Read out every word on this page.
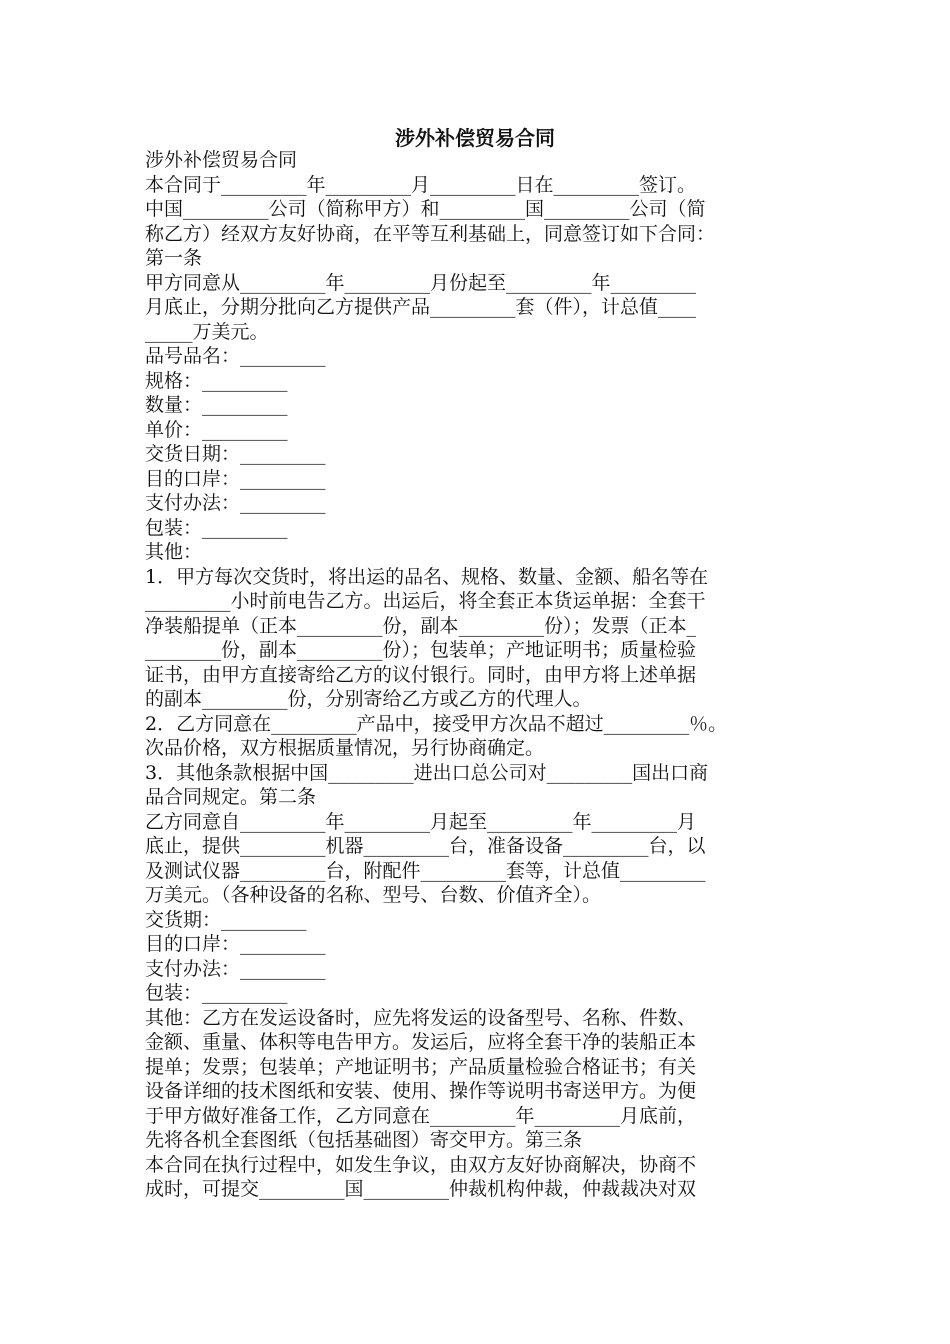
涉外补偿贸易合同
涉外补偿贸易合同
本合同于_________年_________月_________日在_________签订。
中国_________公司（简称甲方）和_________国_________公司（简
称乙方）经双方友好协商，在平等互利基础上，同意签订如下合同：
第一条
甲方同意从_________年_________月份起至_________年_________
月底止，分期分批向乙方提供产品_________套（件），计总值____
_____万美元。
品号品名：_________
规格：_________
数量：_________
单价：_________
交货日期：_________
目的口岸：_________
支付办法：_________
包装：_________
其他：
1．甲方每次交货时，将出运的品名、规格、数量、金额、船名等在
_________小时前电告乙方。出运后，将全套正本货运单据：全套干
净装船提单（正本_________份，副本_________份）；发票（正本_
________份，副本_________份）；包装单；产地证明书；质量检验
证书，由甲方直接寄给乙方的议付银行。同时，由甲方将上述单据
的副本_________份，分别寄给乙方或乙方的代理人。
2．乙方同意在_________产品中，接受甲方次品不超过_________％。
次品价格，双方根据质量情况，另行协商确定。
3．其他条款根据中国_________进出口总公司对_________国出口商
品合同规定。第二条
乙方同意自_________年_________月起至_________年_________月
底止，提供_________机器_________台，准备设备_________台，以
及测试仪器_________台，附配件_________套等，计总值_________
万美元。（各种设备的名称、型号、台数、价值齐全）。
交货期：_________
目的口岸：_________
支付办法：_________
包装：_________
其他：乙方在发运设备时，应先将发运的设备型号、名称、件数、
金额、重量、体积等电告甲方。发运后，应将全套干净的装船正本
提单；发票；包装单；产地证明书；产品质量检验合格证书；有关
设备详细的技术图纸和安装、使用、操作等说明书寄送甲方。为便
于甲方做好准备工作，乙方同意在_________年_________月底前，
先将各机全套图纸（包括基础图）寄交甲方。第三条
本合同在执行过程中，如发生争议，由双方友好协商解决，协商不
成时，可提交_________国_________仲裁机构仲裁，仲裁裁决对双
